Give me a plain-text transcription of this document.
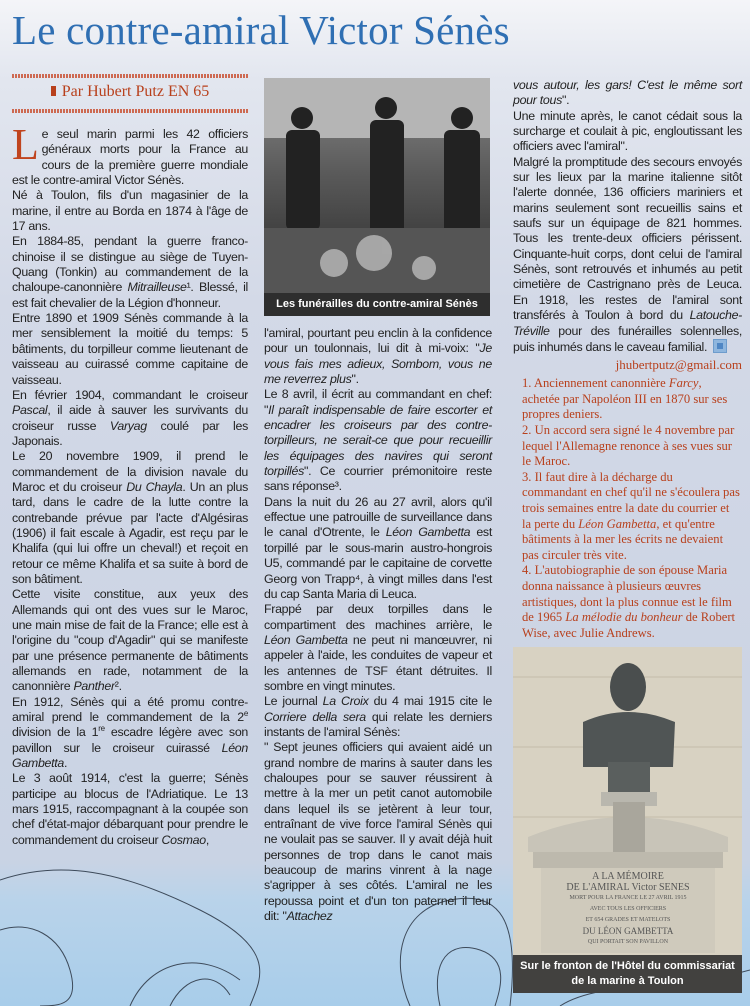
Le contre-amiral Victor Sénès
Par Hubert Putz EN 65
L e seul marin parmi les 42 officiers généraux morts pour la France au cours de la première guerre mondiale est le contre-amiral Victor Sénès.

Né à Toulon, fils d'un magasinier de la marine, il entre au Borda en 1874 à l'âge de 17 ans.

En 1884-85, pendant la guerre franco-chinoise il se distingue au siège de Tuyen-Quang (Tonkin) au commandement de la chaloupe-canonnière Mitrailleuse¹. Blessé, il est fait chevalier de la Légion d'honneur.

Entre 1890 et 1909 Sénès commande à la mer sensiblement la moitié du temps: 5 bâtiments, du torpilleur comme lieutenant de vaisseau au cuirassé comme capitaine de vaisseau.

En février 1904, commandant le croiseur Pascal, il aide à sauver les survivants du croiseur russe Varyag coulé par les Japonais.

Le 20 novembre 1909, il prend le commandement de la division navale du Maroc et du croiseur Du Chayla. Un an plus tard, dans le cadre de la lutte contre la contrebande prévue par l'acte d'Algésiras (1906) il fait escale à Agadir, est reçu par le Khalifa (qui lui offre un cheval!) et reçoit en retour ce même Khalifa et sa suite à bord de son bâtiment.

Cette visite constitue, aux yeux des Allemands qui ont des vues sur le Maroc, une main mise de fait de la France; elle est à l'origine du "coup d'Agadir" qui se manifeste par une présence permanente de bâtiments allemands en rade, notamment de la canonnière Panther².

En 1912, Sénès qui a été promu contre-amiral prend le commandement de la 2e division de la 1re escadre légère avec son pavillon sur le croiseur cuirassé Léon Gambetta.

Le 3 août 1914, c'est la guerre; Sénès participe au blocus de l'Adriatique. Le 13 mars 1915, raccompagnant à la coupée son chef d'état-major débarquant pour prendre le commandement du croiseur Cosmao,

Les funérailles du contre-amiral Sénès

l'amiral, pourtant peu enclin à la confidence pour un toulonnais, lui dit à mi-voix: "Je vous fais mes adieux, Sombom, vous ne me reverrez plus".

Le 8 avril, il écrit au commandant en chef: "Il paraît indispensable de faire escorter et encadrer les croiseurs par des contre-torpilleurs, ne serait-ce que pour recueillir les équipages des navires qui seront torpillés". Ce courrier prémonitoire reste sans réponse³.

Dans la nuit du 26 au 27 avril, alors qu'il effectue une patrouille de surveillance dans le canal d'Otrente, le Léon Gambetta est torpillé par le sous-marin austro-hongrois U5, commandé par le capitaine de corvette Georg von Trapp⁴, à vingt milles dans l'est du cap Santa Maria di Leuca.

Frappé par deux torpilles dans le compartiment des machines arrière, le Léon Gambetta ne peut ni manœuvrer, ni appeler à l'aide, les conduites de vapeur et les antennes de TSF étant détruites. Il sombre en vingt minutes.

Le journal La Croix du 4 mai 1915 cite le Corriere della sera qui relate les derniers instants de l'amiral Sénès:

" Sept jeunes officiers qui avaient aidé un grand nombre de marins à sauter dans les chaloupes pour se sauver réussirent à mettre à la mer un petit canot automobile dans lequel ils se jetèrent à leur tour, entraînant de vive force l'amiral Sénès qui ne voulait pas se sauver. Il y avait déjà huit personnes de trop dans le canot mais beaucoup de marins vinrent à la nage s'agripper à ses côtés. L'amiral ne les repoussa point et d'un ton paternel il leur dit: "Attachez

vous autour, les gars! C'est le même sort pour tous".

Une minute après, le canot cédait sous la surcharge et coulait à pic, engloutissant les officiers avec l'amiral".

Malgré la promptitude des secours envoyés sur les lieux par la marine italienne sitôt l'alerte donnée, 136 officiers mariniers et marins seulement sont recueillis sains et saufs sur un équipage de 821 hommes. Tous les trente-deux officiers périssent. Cinquante-huit corps, dont celui de l'amiral Sénès, sont retrouvés et inhumés au petit cimetière de Castrignano près de Leuca. En 1918, les restes de l'amiral sont transférés à Toulon à bord du Latouche-Tréville pour des funérailles solennelles, puis inhumés dans le caveau familial.

jhubertputz@gmail.com

1. Anciennement canonnière Farcy, achetée par Napoléon III en 1870 sur ses propres deniers.

2. Un accord sera signé le 4 novembre par lequel l'Allemagne renonce à ses vues sur le Maroc.

3. Il faut dire à la décharge du commandant en chef qu'il ne s'écoulera pas trois semaines entre la date du courrier et la perte du Léon Gambetta, et qu'entre bâtiments à la mer les écrits ne devaient pas circuler très vite.

4. L'autobiographie de son épouse Maria donna naissance à plusieurs œuvres artistiques, dont la plus connue est le film de 1965 La mélodie du bonheur de Robert Wise, avec Julie Andrews.

A LA MÉMOIRE
DE L'AMIRAL Victor SENES
MORT POUR LA FRANCE LE 27 AVRIL 1915
AVEC TOUS LES OFFICIERS
ET 654 GRADES ET MATELOTS
DU LÉON GAMBETTA
QUI PORTAIT SON PAVILLON
Sur le fronton de l'Hôtel du commissariat de la marine à Toulon
